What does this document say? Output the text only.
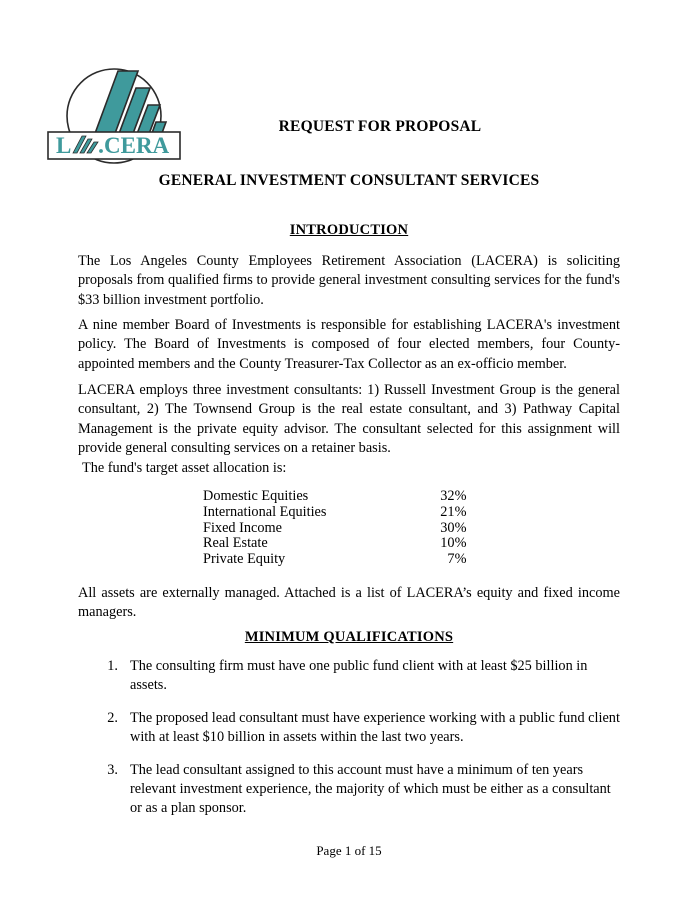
L CERA
REQUEST FOR PROPOSAL
GENERAL INVESTMENT CONSULTANT SERVICES
INTRODUCTION
The Los Angeles County Employees Retirement Association (LACERA) is soliciting proposals from qualified firms to provide general investment consulting services for the fund's $33 billion investment portfolio.
A nine member Board of Investments is responsible for establishing LACERA's investment policy. The Board of Investments is composed of four elected members, four County-appointed members and the County Treasurer-Tax Collector as an ex-officio member.
LACERA employs three investment consultants: 1) Russell Investment Group is the general consultant, 2) The Townsend Group is the real estate consultant, and 3) Pathway Capital Management is the private equity advisor. The consultant selected for this assignment will provide general consulting services on a retainer basis.
The fund's target asset allocation is:
Domestic Equities	32%
International Equities	21%
Fixed Income	30%
Real Estate	10%
Private Equity	7%
All assets are externally managed. Attached is a list of LACERA’s equity and fixed income managers.
MINIMUM QUALIFICATIONS
1. The consulting firm must have one public fund client with at least $25 billion in assets.
2. The proposed lead consultant must have experience working with a public fund client with at least $10 billion in assets within the last two years.
3. The lead consultant assigned to this account must have a minimum of ten years relevant investment experience, the majority of which must be either as a consultant or as a plan sponsor.
Page 1 of 15
